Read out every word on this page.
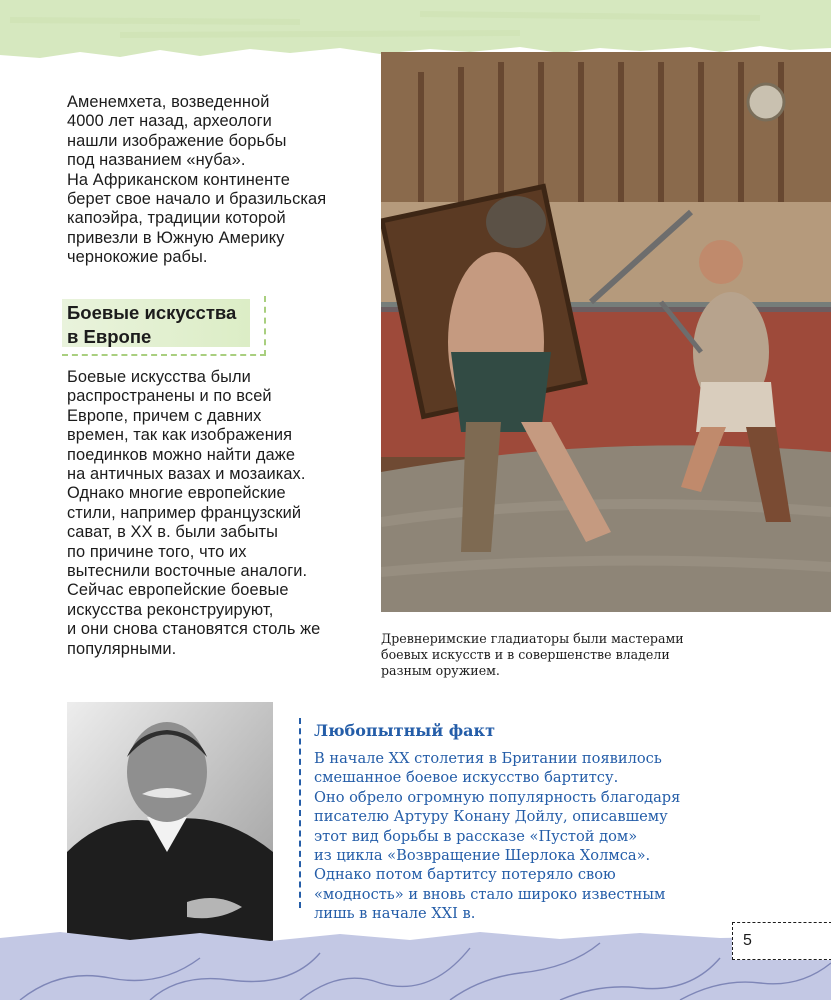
Аменемхета, возведенной
4000 лет назад, археологи
нашли изображение борьбы
под названием «нуба».
На Африканском континенте
берет свое начало и бразильская
капоэйра, традиции которой
привезли в Южную Америку
чернокожие рабы.
Боевые искусства
в Европе
Боевые искусства были
распространены и по всей
Европе, причем с давних
времен, так как изображения
поединков можно найти даже
на античных вазах и мозаиках.
Однако многие европейские
стили, например французский
сават, в XX в. были забыты
по причине того, что их
вытеснили восточные аналоги.
Сейчас европейские боевые
искусства реконструируют,
и они снова становятся столь же
популярными.
Древнеримские гладиаторы были мастерами
боевых искусств и в совершенстве владели
разным оружием.
Любопытный факт
В начале XX столетия в Британии появилось
смешанное боевое искусство бартитсу.
Оно обрело огромную популярность благодаря
писателю Артуру Конану Дойлу, описавшему
этот вид борьбы в рассказе «Пустой дом»
из цикла «Возвращение Шерлока Холмса».
Однако потом бартитсу потеряло свою
«модность» и вновь стало широко известным
лишь в начале XXI в.
5
